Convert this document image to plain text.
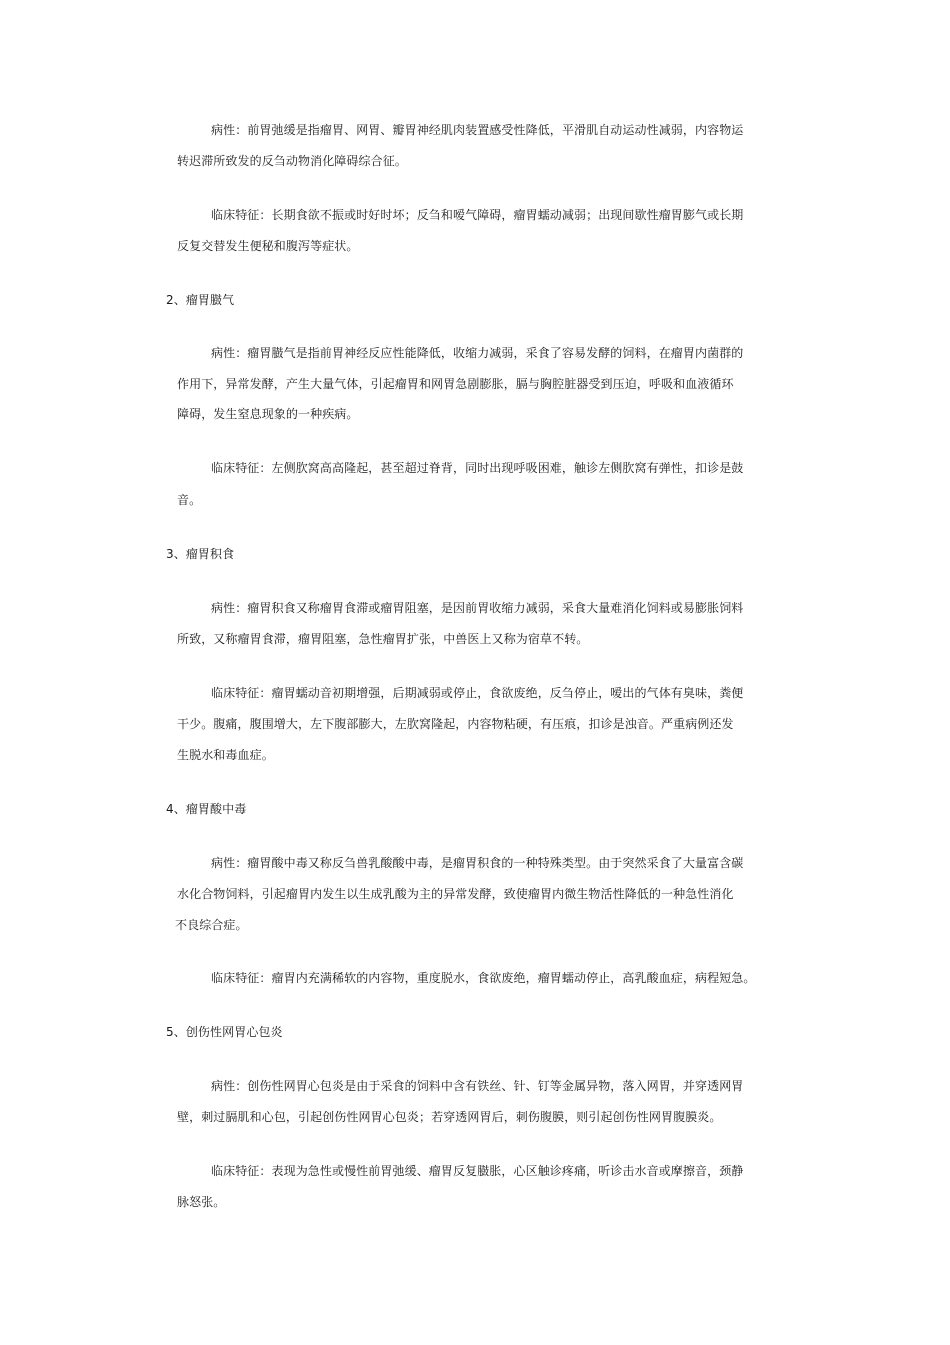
病性：前胃弛缓是指瘤胃、网胃、瓣胃神经肌肉装置感受性降低，平滑肌自动运动性减弱，内容物运
转迟滞所致发的反刍动物消化障碍综合征。
临床特征：长期食欲不振或时好时坏；反刍和嗳气障碍，瘤胃蠕动减弱；出现间歇性瘤胃膨气或长期
反复交替发生便秘和腹泻等症状。
2、瘤胃臌气
病性：瘤胃臌气是指前胃神经反应性能降低，收缩力减弱，采食了容易发酵的饲料，在瘤胃内菌群的
作用下，异常发酵，产生大量气体，引起瘤胃和网胃急剧膨胀，膈与胸腔脏器受到压迫，呼吸和血液循环
障碍，发生窒息现象的一种疾病。
临床特征：左侧肷窝高高隆起，甚至超过脊背，同时出现呼吸困难，触诊左侧肷窝有弹性，扣诊是鼓
音。
3、瘤胃积食
病性：瘤胃积食又称瘤胃食滞或瘤胃阻塞，是因前胃收缩力减弱，采食大量难消化饲料或易膨胀饲料
所致，又称瘤胃食滞，瘤胃阻塞，急性瘤胃扩张，中兽医上又称为宿草不转。
临床特征：瘤胃蠕动音初期增强，后期减弱或停止，食欲废绝，反刍停止，嗳出的气体有臭味，粪便
干少。腹痛，腹围增大，左下腹部膨大，左肷窝隆起，内容物粘硬，有压痕，扣诊是浊音。严重病例还发
生脱水和毒血症。
4、瘤胃酸中毒
病性：瘤胃酸中毒又称反刍兽乳酸酸中毒，是瘤胃积食的一种特殊类型。由于突然采食了大量富含碳
水化合物饲料，引起瘤胃内发生以生成乳酸为主的异常发酵，致使瘤胃内微生物活性降低的一种急性消化
不良综合症。
临床特征：瘤胃内充满稀软的内容物，重度脱水，食欲废绝，瘤胃蠕动停止，高乳酸血症，病程短急。
5、创伤性网胃心包炎
病性：创伤性网胃心包炎是由于采食的饲料中含有铁丝、针、钉等金属异物，落入网胃，并穿透网胃
壁，刺过膈肌和心包，引起创伤性网胃心包炎；若穿透网胃后，刺伤腹膜，则引起创伤性网胃腹膜炎。
临床特征：表现为急性或慢性前胃弛缓、瘤胃反复臌胀，心区触诊疼痛，听诊击水音或摩擦音，颈静
脉怒张。
